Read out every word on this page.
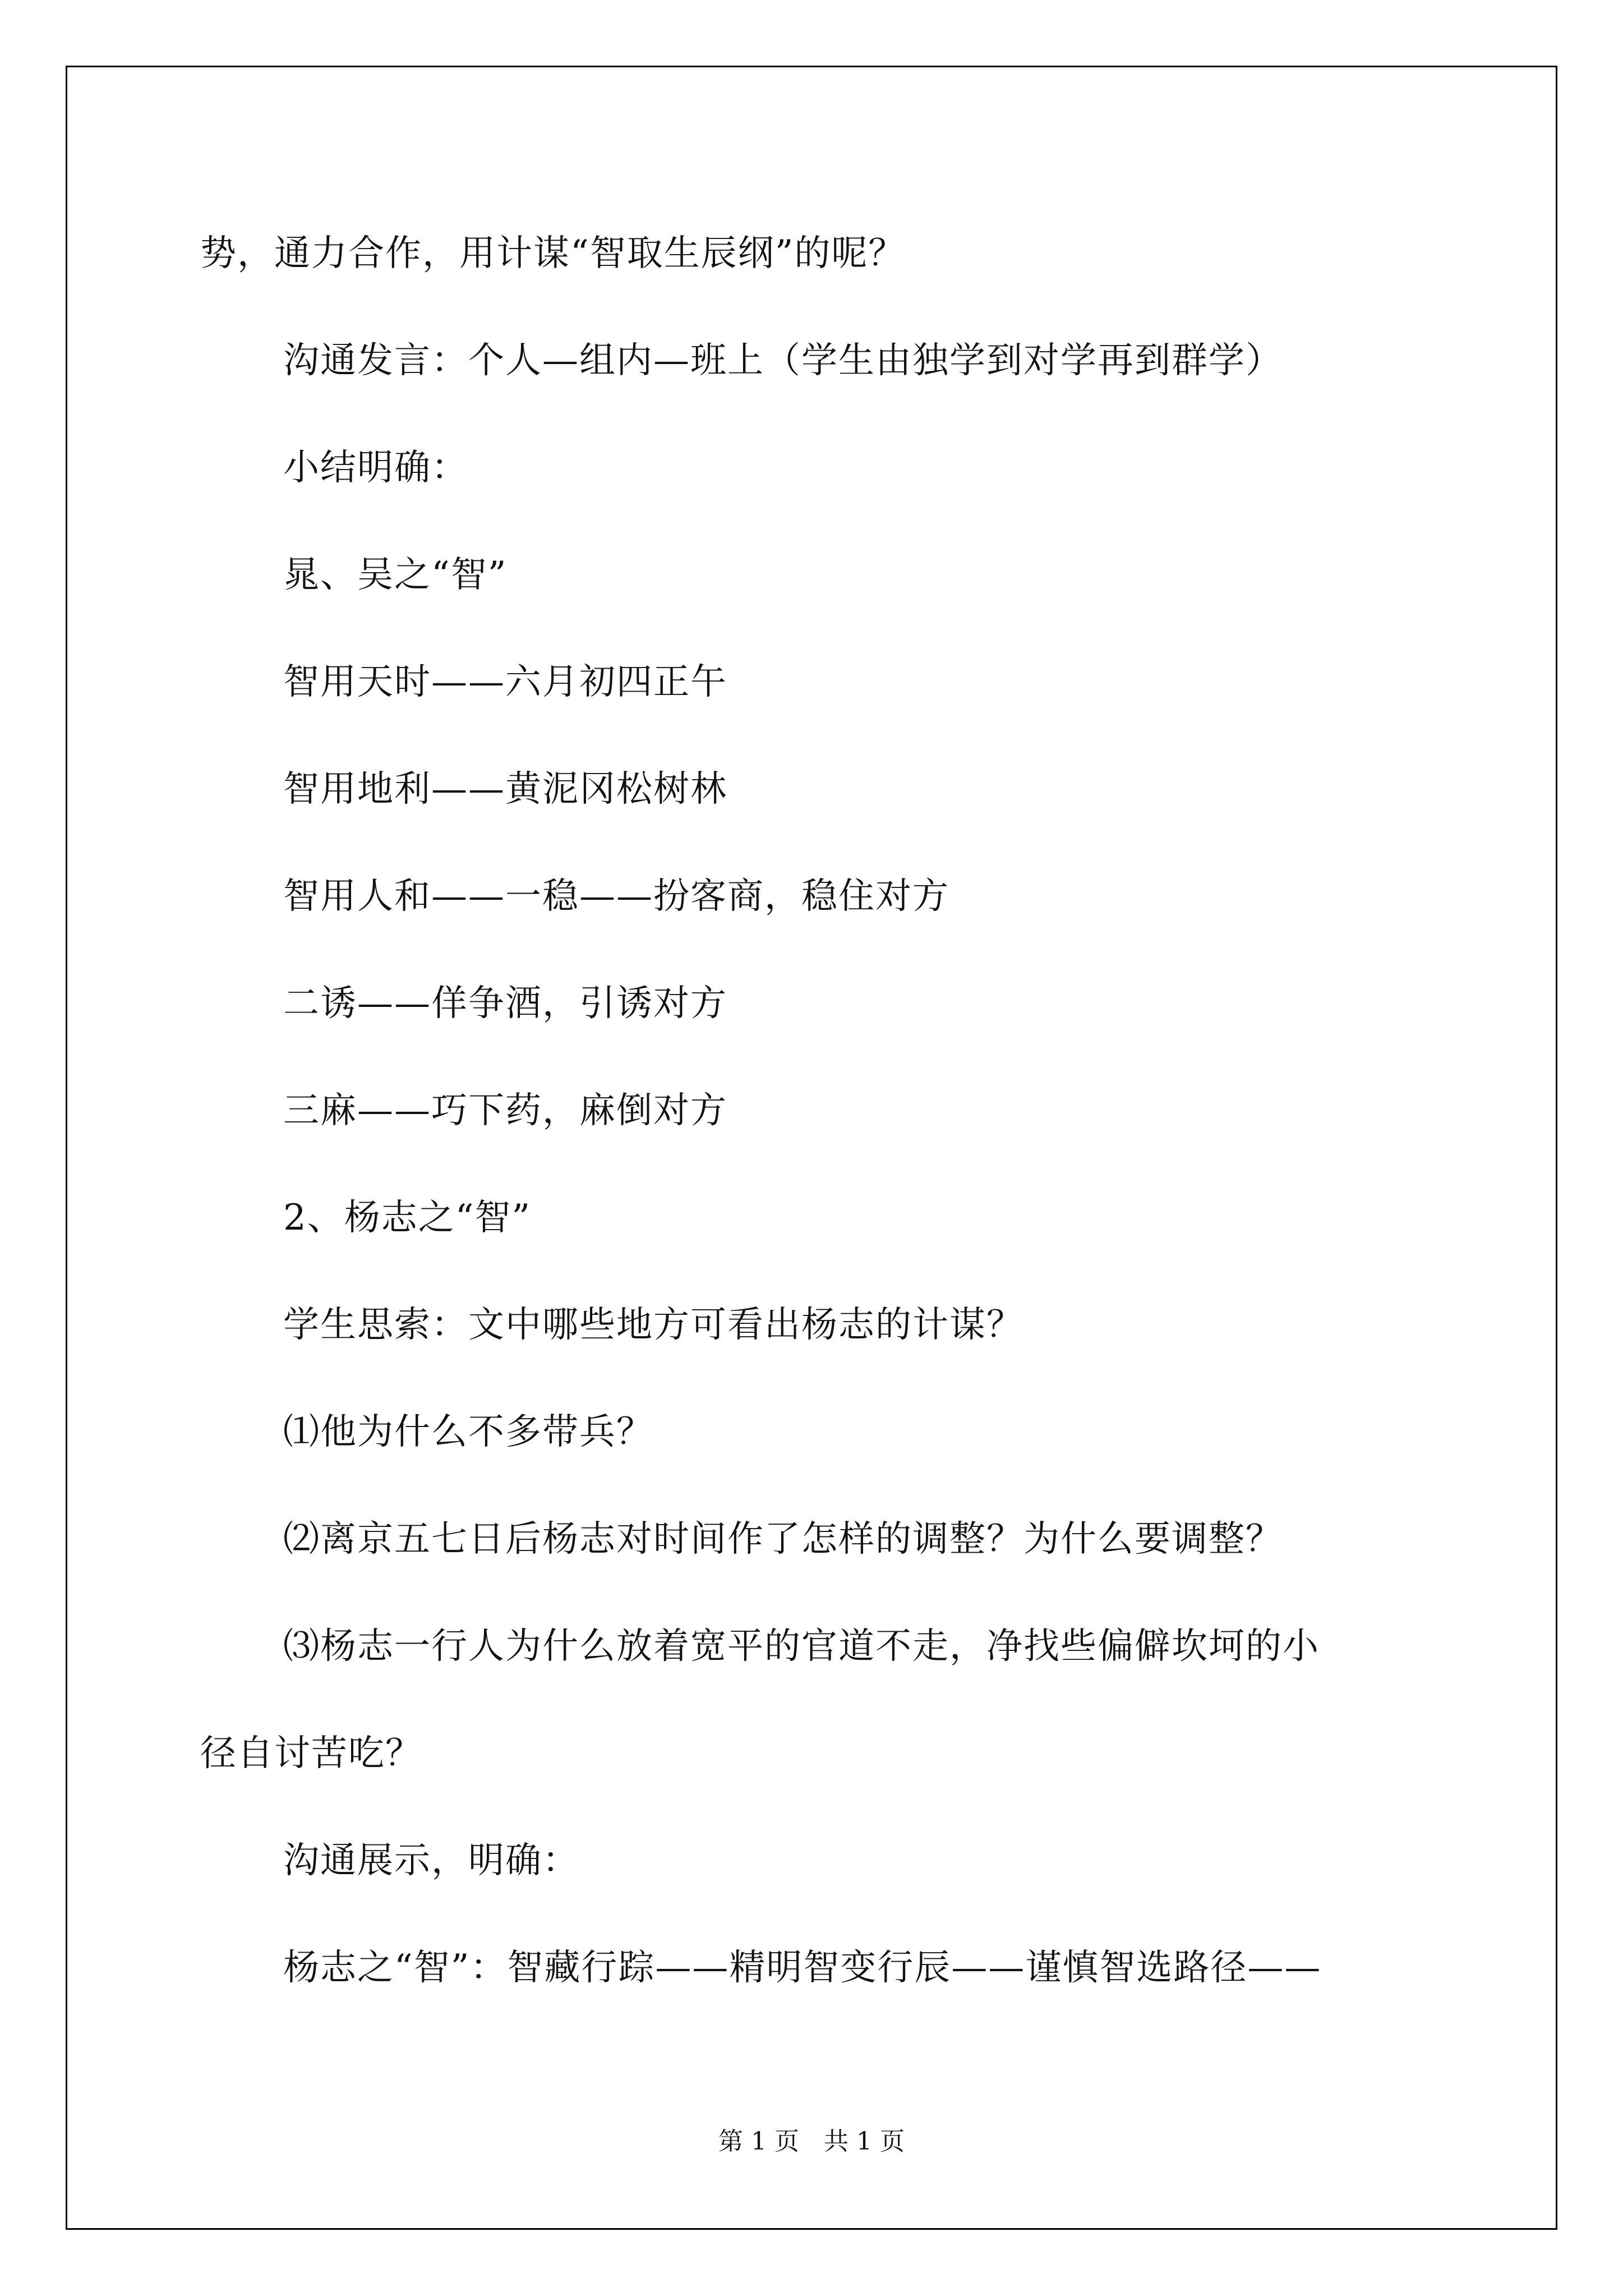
势，通力合作，用计谋“智取生辰纲”的呢？
沟通发言：个人—组内—班上（学生由独学到对学再到群学）
小结明确：
晁、吴之“智”
智用天时——六月初四正午
智用地利——黄泥冈松树林
智用人和——一稳——扮客商，稳住对方
二诱——佯争酒，引诱对方
三麻——巧下药，麻倒对方
2、杨志之“智”
学生思索：文中哪些地方可看出杨志的计谋？
⑴他为什么不多带兵？
⑵离京五七日后杨志对时间作了怎样的调整？为什么要调整？
⑶杨志一行人为什么放着宽平的官道不走，净找些偏僻坎坷的小
径自讨苦吃？
沟通展示，明确：
杨志之“智”：智藏行踪——精明智变行辰——谨慎智选路径——
第 1 页　共 1 页
